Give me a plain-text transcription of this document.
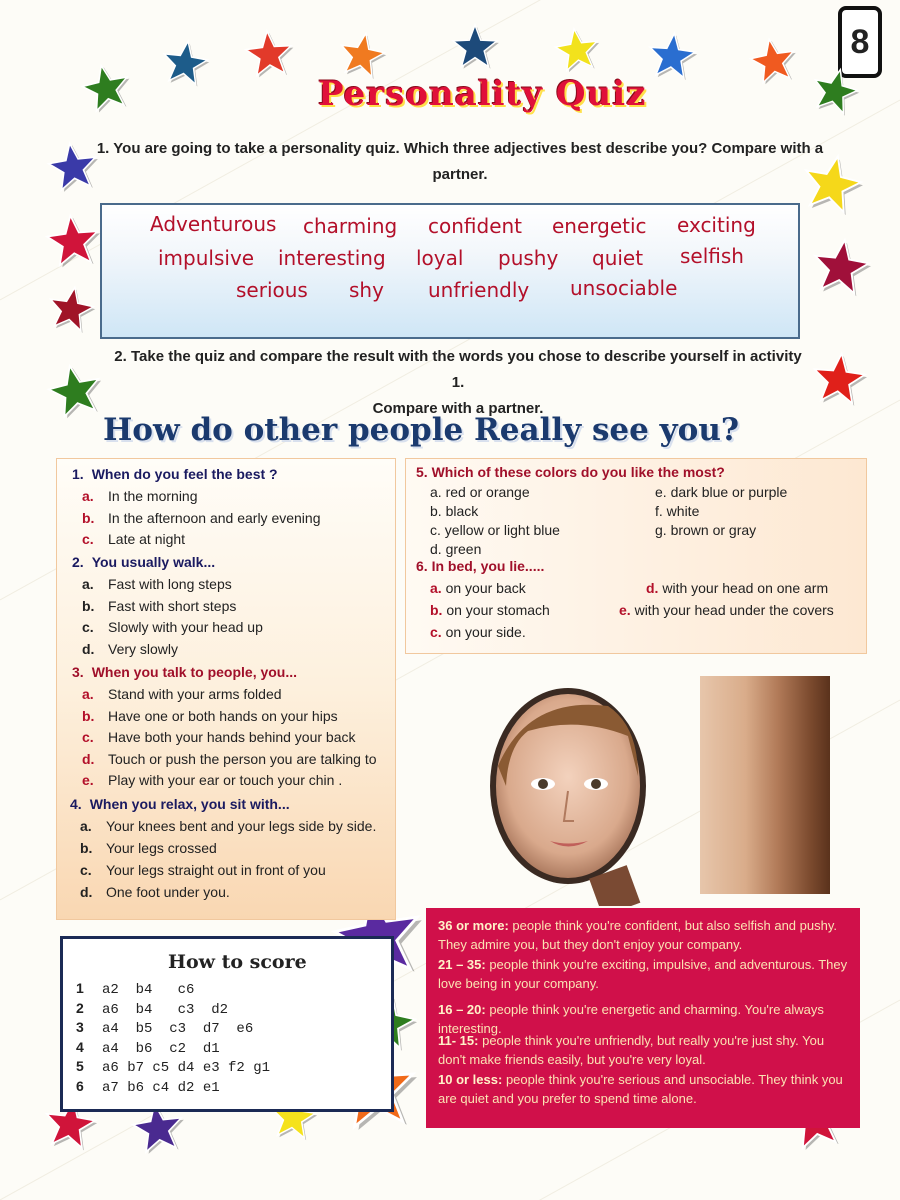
8
Personality Quiz
1. You are going to take a personality quiz. Which three adjectives best describe you? Compare with a
partner.
Adventurous charming confident energetic exciting
impulsive interesting loyal pushy quiet selfish
serious shy unfriendly unsociable
2. Take the quiz and compare the result with the words you chose to describe yourself in activity 1.
Compare with a partner.
How do other people Really see you?
1. When do you feel the best ?
a. In the morning
b. In the afternoon and early evening
c. Late at night
2. You usually walk...
a. Fast with long steps
b. Fast with short steps
c. Slowly with your head up
d. Very slowly
3. When you talk to people, you...
a. Stand with your arms folded
b. Have one or both hands on your hips
c. Have both your hands behind your back
d. Touch or push the person you are talking to
e. Play with your ear or touch your chin .
4. When you relax, you sit with...
a. Your knees bent and your legs side by side.
b. Your legs crossed
c. Your legs straight out in front of you
d. One foot under you.
5. Which of these colors do you like the most?
a. red or orange
b. black
c. yellow or light blue
d. green
e. dark blue or purple
f. white
g. brown or gray
6. In bed, you lie.....
a. on your back
b. on your stomach
c. on your side.
d. with your head on one arm
e. with your head under the covers
How to score
1 a2  b4   c6
2 a6  b4   c3  d2
3 a4  b5  c3  d7  e6
4 a4  b6  c2  d1
5 a6 b7 c5 d4 e3 f2 g1
6 a7 b6 c4 d2 e1
36 or more: people think you're confident, but also selfish and pushy. They admire you, but they don't enjoy your company.
21 – 35: people think you're exciting, impulsive, and adventurous. They love being in your company.
16 – 20: people think you're energetic and charming. You're always interesting.
11- 15: people think you're unfriendly, but really you're just shy. You don't make friends easily, but you're very loyal.
10 or less: people think you're serious and unsociable. They think you are quiet and you prefer to spend time alone.
